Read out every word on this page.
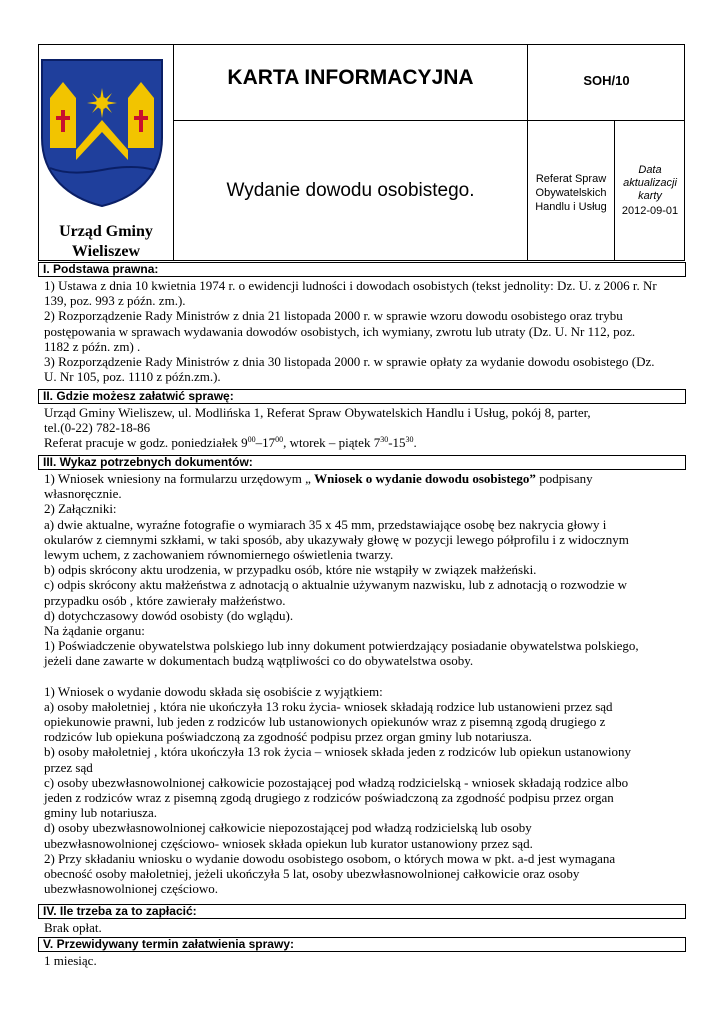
Urząd Gminy
Wieliszew
KARTA INFORMACYJNA	SOH/10
Wydanie dowodu osobistego.
Referat Spraw
Obywatelskich
Handlu i Usług
Data
aktualizacji
karty
2012-09-01
I. Podstawa prawna:
1) Ustawa z dnia 10 kwietnia 1974 r. o ewidencji ludności i dowodach osobistych (tekst jednolity: Dz. U. z 2006 r. Nr
139, poz. 993 z późn. zm.).
2) Rozporządzenie Rady Ministrów z dnia 21 listopada 2000 r. w sprawie wzoru dowodu osobistego oraz trybu
postępowania w sprawach wydawania dowodów osobistych, ich wymiany, zwrotu lub utraty (Dz. U. Nr 112, poz.
1182 z późn. zm) .
3) Rozporządzenie Rady Ministrów z dnia 30 listopada 2000 r. w sprawie opłaty za wydanie dowodu osobistego (Dz.
U. Nr 105, poz. 1110 z późn.zm.).
II. Gdzie możesz załatwić sprawę:
Urząd Gminy Wieliszew, ul. Modlińska 1, Referat Spraw Obywatelskich Handlu i Usług, pokój 8, parter,
tel.(0-22) 782-18-86
Referat pracuje w godz. poniedziałek $9^{00}-17^{00}$, wtorek – piątek $7^{30}-15^{30}$.
III. Wykaz potrzebnych dokumentów:
1) Wniosek wniesiony na formularzu urzędowym „ Wniosek o wydanie dowodu osobistego” podpisany
własnoręcznie.
2) Załączniki:
a) dwie aktualne, wyraźne fotografie o wymiarach 35 x 45 mm, przedstawiające osobę bez nakrycia głowy i
okularów z ciemnymi szkłami, w taki sposób, aby ukazywały głowę w pozycji lewego półprofilu i z widocznym
lewym uchem, z zachowaniem równomiernego oświetlenia twarzy.
b) odpis skrócony aktu urodzenia, w przypadku osób, które nie wstąpiły w związek małżeński.
c) odpis skrócony aktu małżeństwa z adnotacją o aktualnie używanym nazwisku, lub z adnotacją o rozwodzie w
przypadku osób , które zawierały małżeństwo.
d) dotychczasowy dowód osobisty (do wglądu).
Na żądanie organu:
1) Poświadczenie obywatelstwa polskiego lub inny dokument potwierdzający posiadanie obywatelstwa polskiego,
jeżeli dane zawarte w dokumentach budzą wątpliwości co do obywatelstwa osoby.
1) Wniosek o wydanie dowodu składa się osobiście z wyjątkiem:
a) osoby małoletniej , która nie ukończyła 13 roku życia- wniosek składają rodzice lub ustanowieni przez sąd
opiekunowie prawni, lub jeden z rodziców lub ustanowionych opiekunów wraz z pisemną zgodą drugiego z
rodziców lub opiekuna poświadczoną za zgodność podpisu przez organ gminy lub notariusza.
b) osoby małoletniej , która ukończyła 13 rok życia – wniosek składa jeden z rodziców lub opiekun ustanowiony
przez sąd
c) osoby ubezwłasnowolnionej całkowicie pozostającej pod władzą rodzicielską - wniosek składają rodzice albo
jeden z rodziców wraz z pisemną zgodą drugiego z rodziców poświadczoną za zgodność podpisu przez organ
gminy lub notariusza.
d) osoby ubezwłasnowolnionej całkowicie niepozostającej pod władzą rodzicielską lub osoby
ubezwłasnowolnionej częściowo- wniosek składa opiekun lub kurator ustanowiony przez sąd.
2) Przy składaniu wniosku o wydanie dowodu osobistego osobom, o których mowa w pkt. a-d jest wymagana
obecność osoby małoletniej, jeżeli ukończyła 5 lat, osoby ubezwłasnowolnionej całkowicie oraz osoby
ubezwłasnowolnionej częściowo.
IV. Ile trzeba za to zapłacić:
Brak opłat.
V. Przewidywany termin załatwienia sprawy:
1 miesiąc.
